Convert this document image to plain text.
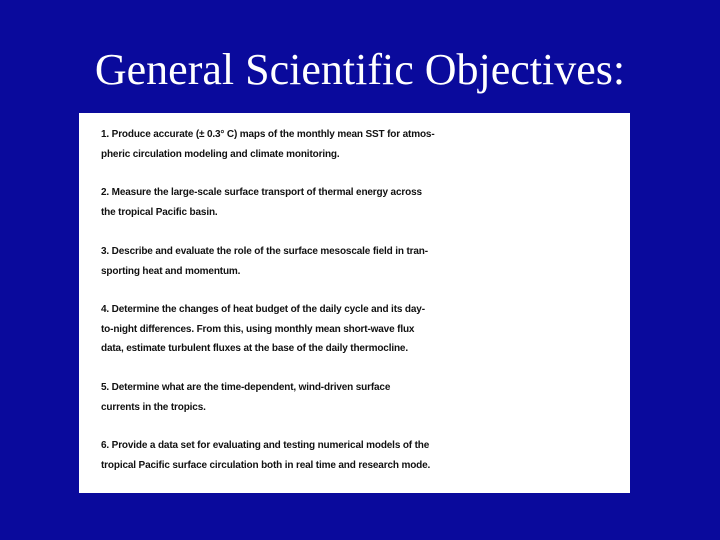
General Scientific Objectives:
1. Produce accurate (± 0.3° C) maps of the monthly mean SST for atmos-
pheric circulation modeling and climate monitoring.
2. Measure the large-scale surface transport of thermal energy across
the tropical Pacific basin.
3. Describe and evaluate the role of the surface mesoscale field in tran-
sporting heat and momentum.
4. Determine the changes of heat budget of the daily cycle and its day-
to-night differences. From this, using monthly mean short-wave flux
data, estimate turbulent fluxes at the base of the daily thermocline.
5. Determine what are the time-dependent, wind-driven surface
currents in the tropics.
6. Provide a data set for evaluating and testing numerical models of the
tropical Pacific surface circulation both in real time and research mode.
